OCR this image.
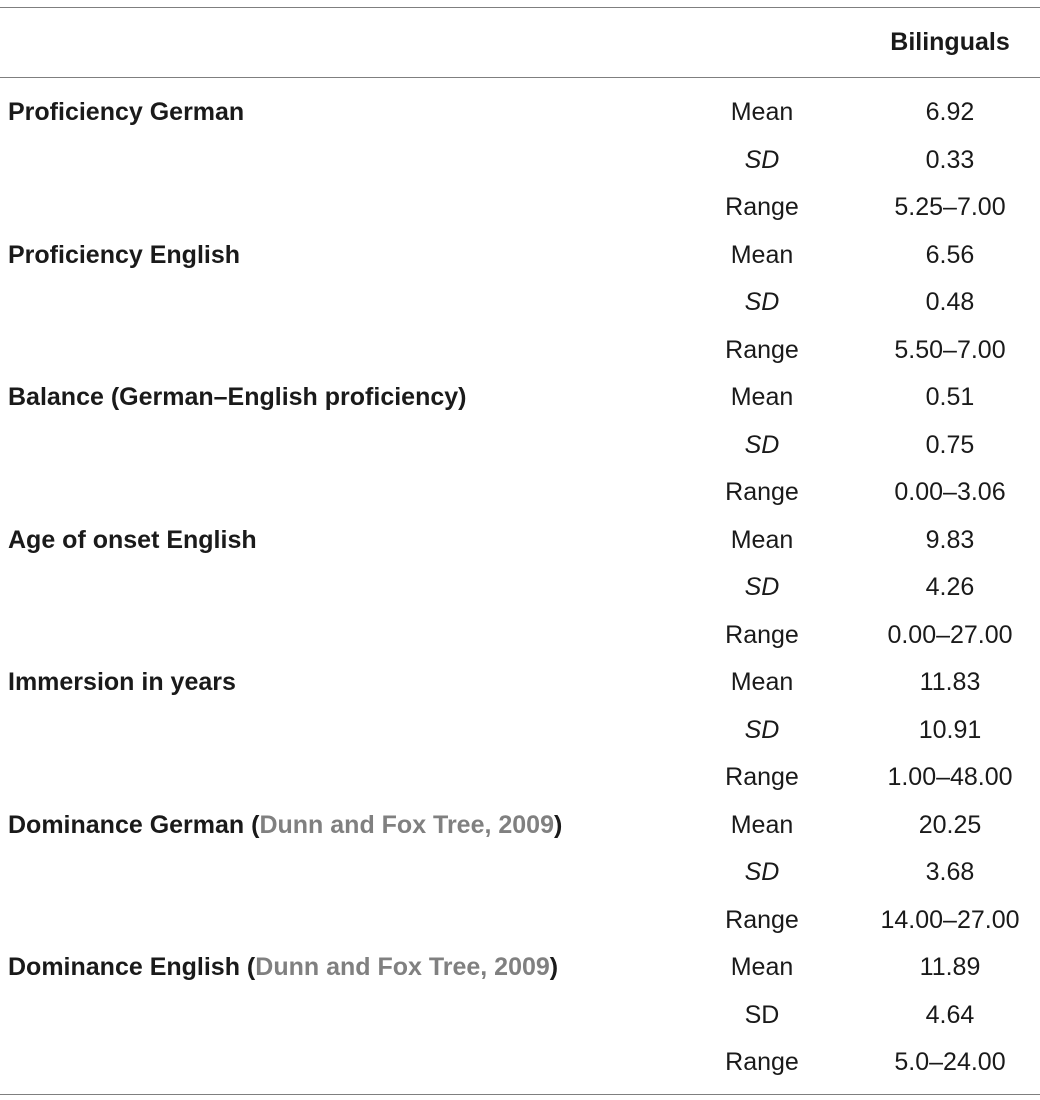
Bilinguals
Proficiency German	Mean	6.92
SD	0.33
Range	5.25–7.00
Proficiency English	Mean	6.56
SD	0.48
Range	5.50–7.00
Balance (German–English proficiency)	Mean	0.51
SD	0.75
Range	0.00–3.06
Age of onset English	Mean	9.83
SD	4.26
Range	0.00–27.00
Immersion in years	Mean	11.83
SD	10.91
Range	1.00–48.00
Dominance German (Dunn and Fox Tree, 2009)	Mean	20.25
SD	3.68
Range	14.00–27.00
Dominance English (Dunn and Fox Tree, 2009)	Mean	11.89
SD	4.64
Range	5.0–24.00
